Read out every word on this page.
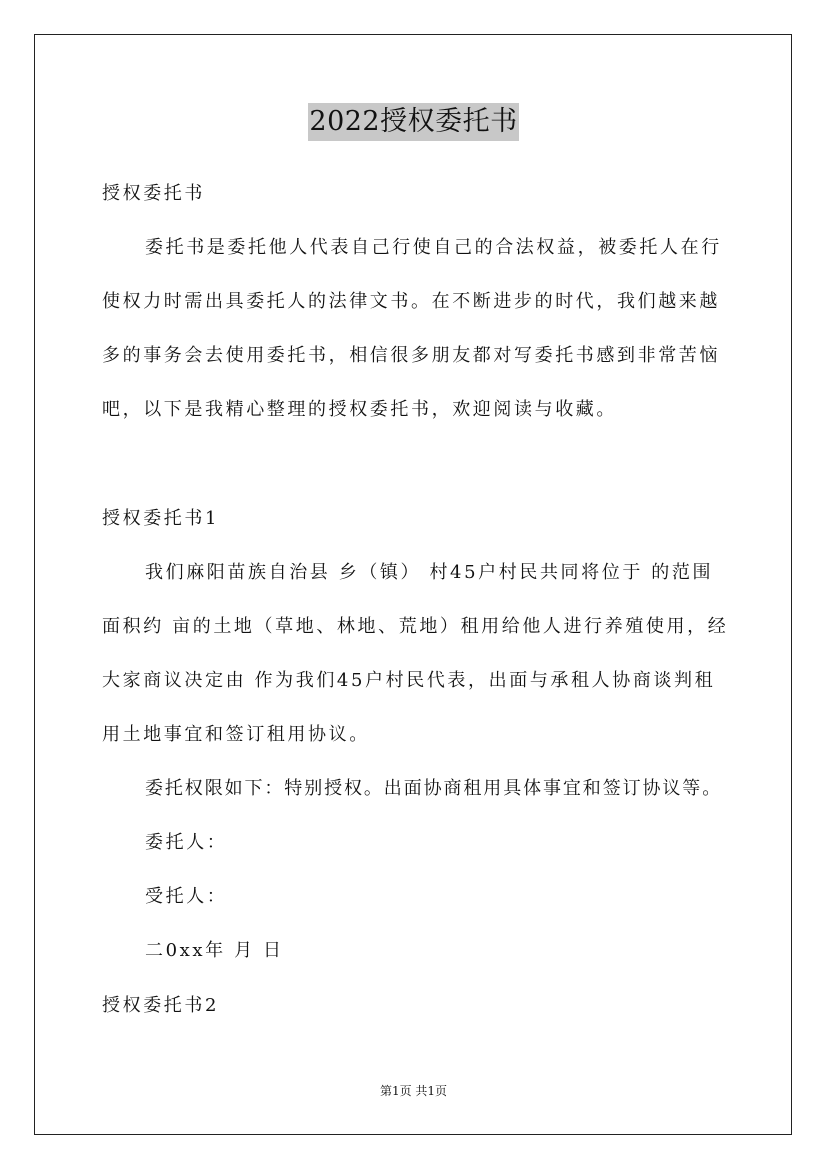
2022授权委托书
授权委托书
委托书是委托他人代表自己行使自己的合法权益，被委托人在行
使权力时需出具委托人的法律文书。在不断进步的时代，我们越来越
多的事务会去使用委托书，相信很多朋友都对写委托书感到非常苦恼
吧，以下是我精心整理的授权委托书，欢迎阅读与收藏。
授权委托书1
我们麻阳苗族自治县 乡（镇） 村45户村民共同将位于 的范围
面积约 亩的土地（草地、林地、荒地）租用给他人进行养殖使用，经
大家商议决定由 作为我们45户村民代表，出面与承租人协商谈判租
用土地事宜和签订租用协议。
委托权限如下：特别授权。出面协商租用具体事宜和签订协议等。
委托人：
受托人：
二0xx年 月 日
授权委托书2
第1页 共1页
